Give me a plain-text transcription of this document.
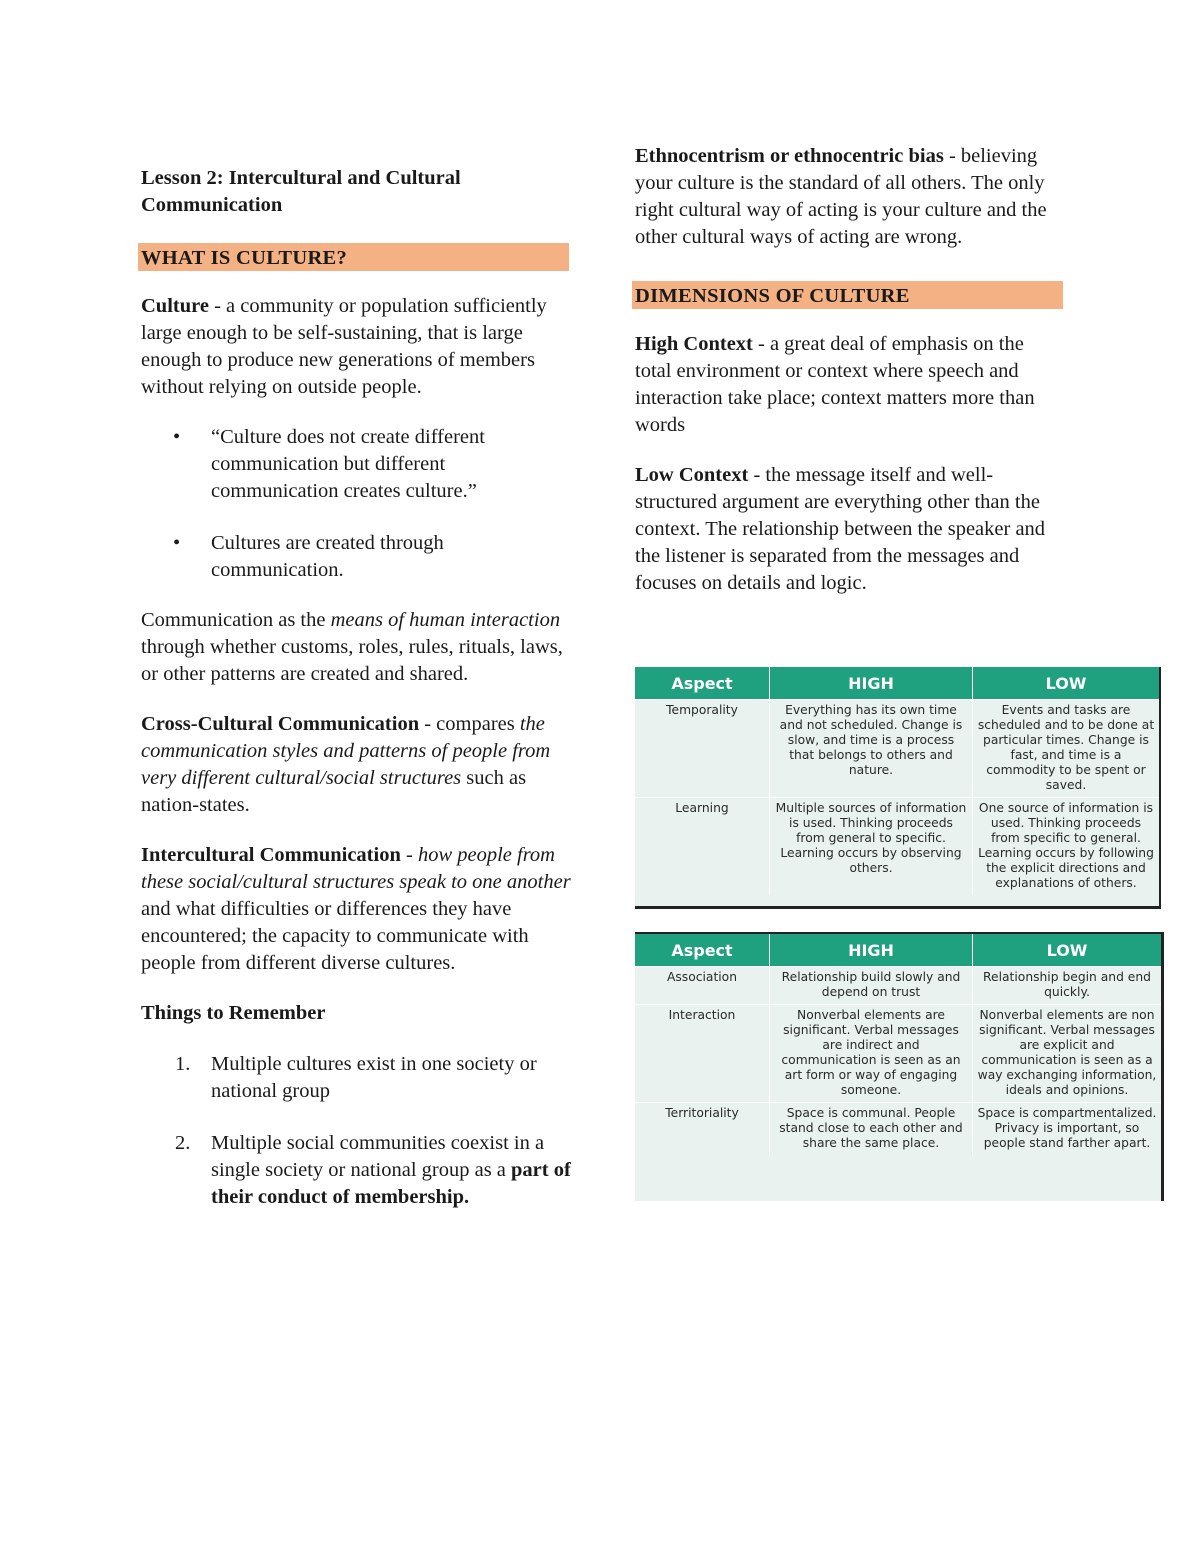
Lesson 2: Intercultural and Cultural
Communication
WHAT IS CULTURE?

Culture - a community or population sufficiently large enough to be self-sustaining, that is large enough to produce new generations of members without relying on outside people.

• “Culture does not create different communication but different communication creates culture.”
• Cultures are created through communication.

Communication as the means of human interaction through whether customs, roles, rules, rituals, laws, or other patterns are created and shared.

Cross-Cultural Communication - compares the communication styles and patterns of people from very different cultural/social structures such as nation-states.

Intercultural Communication - how people from these social/cultural structures speak to one another and what difficulties or differences they have encountered; the capacity to communicate with people from different diverse cultures.

Things to Remember

1. Multiple cultures exist in one society or national group
2. Multiple social communities coexist in a single society or national group as a part of their conduct of membership.

Ethnocentrism or ethnocentric bias - believing your culture is the standard of all others. The only right cultural way of acting is your culture and the other cultural ways of acting are wrong.

DIMENSIONS OF CULTURE

High Context - a great deal of emphasis on the total environment or context where speech and interaction take place; context matters more than words

Low Context - the message itself and well-structured argument are everything other than the context. The relationship between the speaker and the listener is separated from the messages and focuses on details and logic.

Aspect	HIGH	LOW
Temporality	Everything has its own time and not scheduled. Change is slow, and time is a process that belongs to others and nature.	Events and tasks are scheduled and to be done at particular times. Change is fast, and time is a commodity to be spent or saved.
Learning	Multiple sources of information is used. Thinking proceeds from general to specific. Learning occurs by observing others.	One source of information is used. Thinking proceeds from specific to general. Learning occurs by following the explicit directions and explanations of others.
Aspect	HIGH	LOW
Association	Relationship build slowly and depend on trust	Relationship begin and end quickly.
Interaction	Nonverbal elements are significant. Verbal messages are indirect and communication is seen as an art form or way of engaging someone.	Nonverbal elements are non significant. Verbal messages are explicit and communication is seen as a way exchanging information, ideals and opinions.
Territoriality	Space is communal. People stand close to each other and share the same place.	Space is compartmentalized. Privacy is important, so people stand farther apart.
